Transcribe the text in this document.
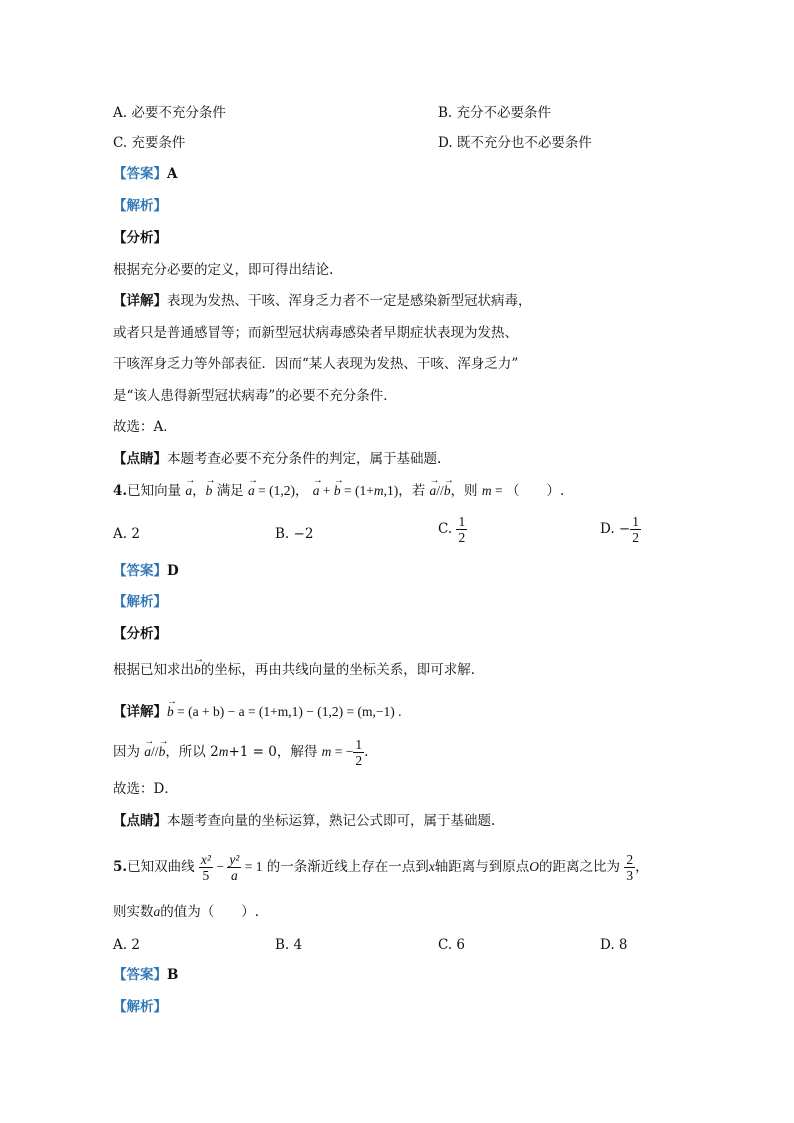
A. 必要不充分条件	B. 充分不必要条件
C. 充要条件	D. 既不充分也不必要条件
【答案】A
【解析】
【分析】
根据充分必要的定义，即可得出结论.
【详解】表现为发热、干咳、浑身乏力者不一定是感染新型冠状病毒，
或者只是普通感冒等；而新型冠状病毒感染者早期症状表现为发热、
干咳浑身乏力等外部表征．因而“某人表现为发热、干咳、浑身乏力”
是“该人患得新型冠状病毒”的必要不充分条件．
故选：A．
【点睛】本题考查必要不充分条件的判定，属于基础题.
4.已知向量 → a，→ b 满足 → a = (1,2)， → a + → b = (1+m,1)，若 → a//→ b，则 m = （　　）.
A. 2	B. −2	C. $\frac{1}{2}$	D. − $\frac{1}{2}$
【答案】D
【解析】
【分析】
根据已知求出→ b的坐标，再由共线向量的坐标关系，即可求解.
【详解】→ b = (a + b) − a = (1+m,1) − (1,2) = (m,−1) .
因为 → a//→ b，所以 2m+1 = 0，解得 m = − $\frac{1}{2}$ .
故选：D．
【点睛】本题考查向量的坐标运算，熟记公式即可，属于基础题.
5.已知双曲线 $\frac{\text{x²}}{5} - \frac{\text{y²}}{a} = 1$ 的一条渐近线上存在一点到x轴距离与到原点O的距离之比为 $\frac{2}{3}$ ，
则实数a的值为（　　）.
A. 2	B. 4	C. 6	D. 8
【答案】B
【解析】
